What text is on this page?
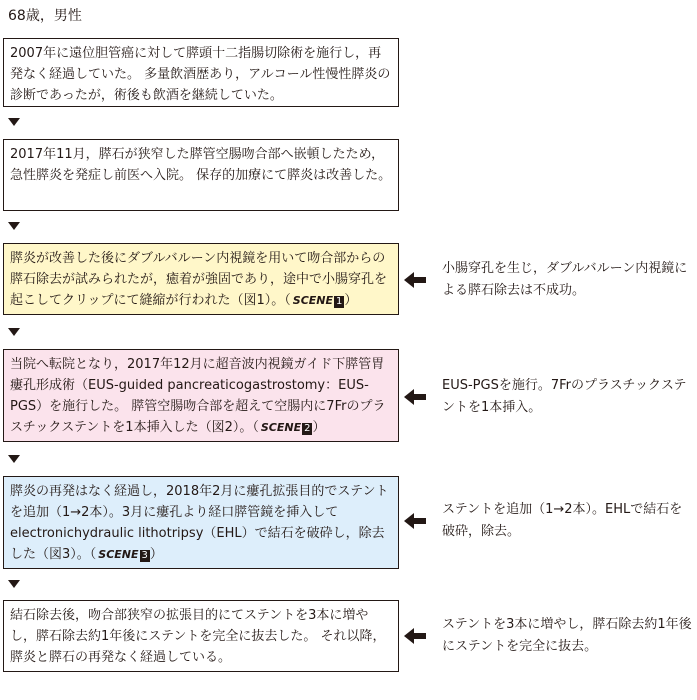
68歳，男性
2007年に遠位胆管癌に対して膵頭十二指腸切除術を施行し，再発なく経過していた。 多量飲酒歴あり，アルコール性慢性膵炎の診断であったが，術後も飲酒を継続していた。
2017年11月，膵石が狭窄した膵管空腸吻合部へ嵌頓したため，急性膵炎を発症し前医へ入院。 保存的加療にて膵炎は改善した。
膵炎が改善した後にダブルバルーン内視鏡を用いて吻合部からの膵石除去が試みられたが，癒着が強固であり，途中で小腸穿孔を起こしてクリップにて縫縮が行われた（図1）。（ SCENE 1 ）
小腸穿孔を生じ，ダブルバルーン内視鏡による膵石除去は不成功。
当院へ転院となり，2017年12月に超音波内視鏡ガイド下膵管胃瘻孔形成術（EUS-guided pancreaticogastrostomy：EUS-PGS）を施行した。 膵管空腸吻合部を超えて空腸内に7Frのプラスチックステントを1本挿入した（図2）。（ SCENE 2 ）
EUS-PGSを施行。7Frのプラスチックステントを1本挿入。
膵炎の再発はなく経過し，2018年2月に瘻孔拡張目的でステントを追加（1→2本）。3月に瘻孔より経口膵管鏡を挿入してelectronichydraulic lithotripsy（EHL）で結石を破砕し，除去した（図3）。（ SCENE 3 ）
ステントを追加（1→2本）。EHLで結石を破砕，除去。
結石除去後，吻合部狭窄の拡張目的にてステントを3本に増やし，膵石除去約1年後にステントを完全に抜去した。 それ以降，膵炎と膵石の再発なく経過している。
ステントを3本に増やし，膵石除去約1年後にステントを完全に抜去。
